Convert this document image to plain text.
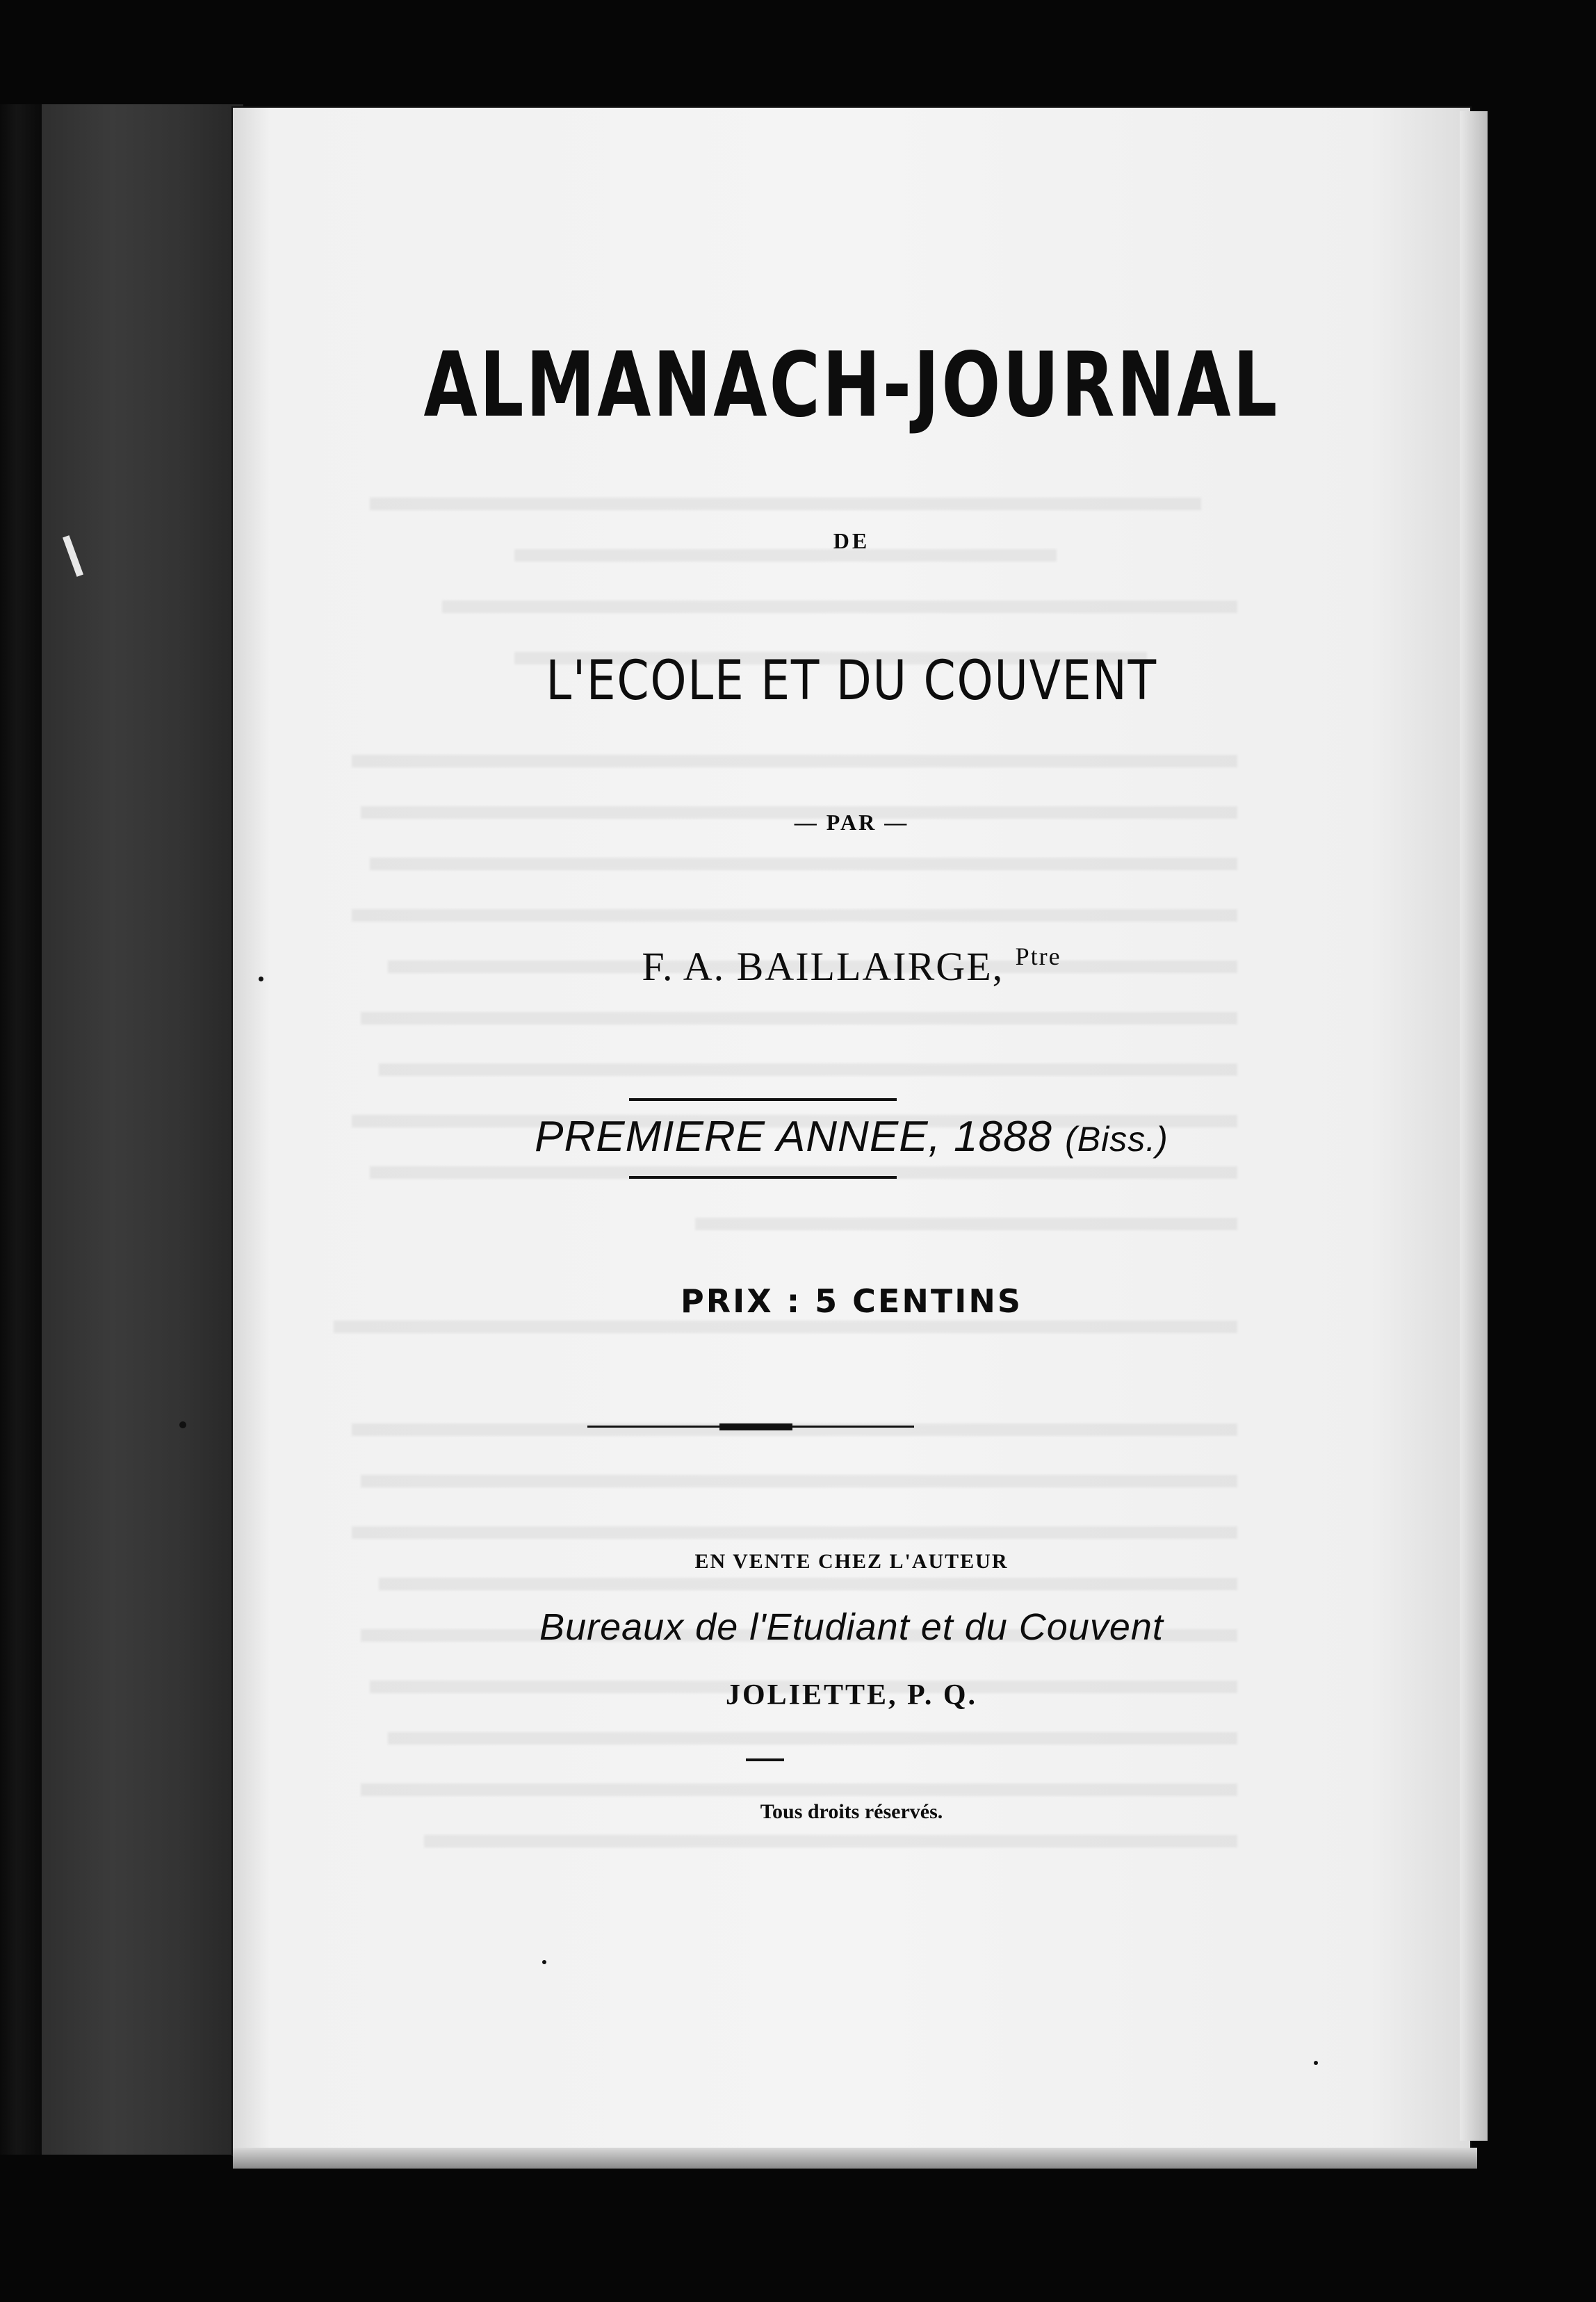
ALMANACH-JOURNAL
DE
L'ECOLE ET DU COUVENT
— PAR —
F. A. BAILLAIRGE, $^{Ptre}$
PREMIERE ANNEE, 1888 (Biss.)
PRIX : 5 CENTINS
EN VENTE CHEZ L'AUTEUR
Bureaux de l'Etudiant et du Couvent
JOLIETTE, P. Q.
Tous droits réservés.
